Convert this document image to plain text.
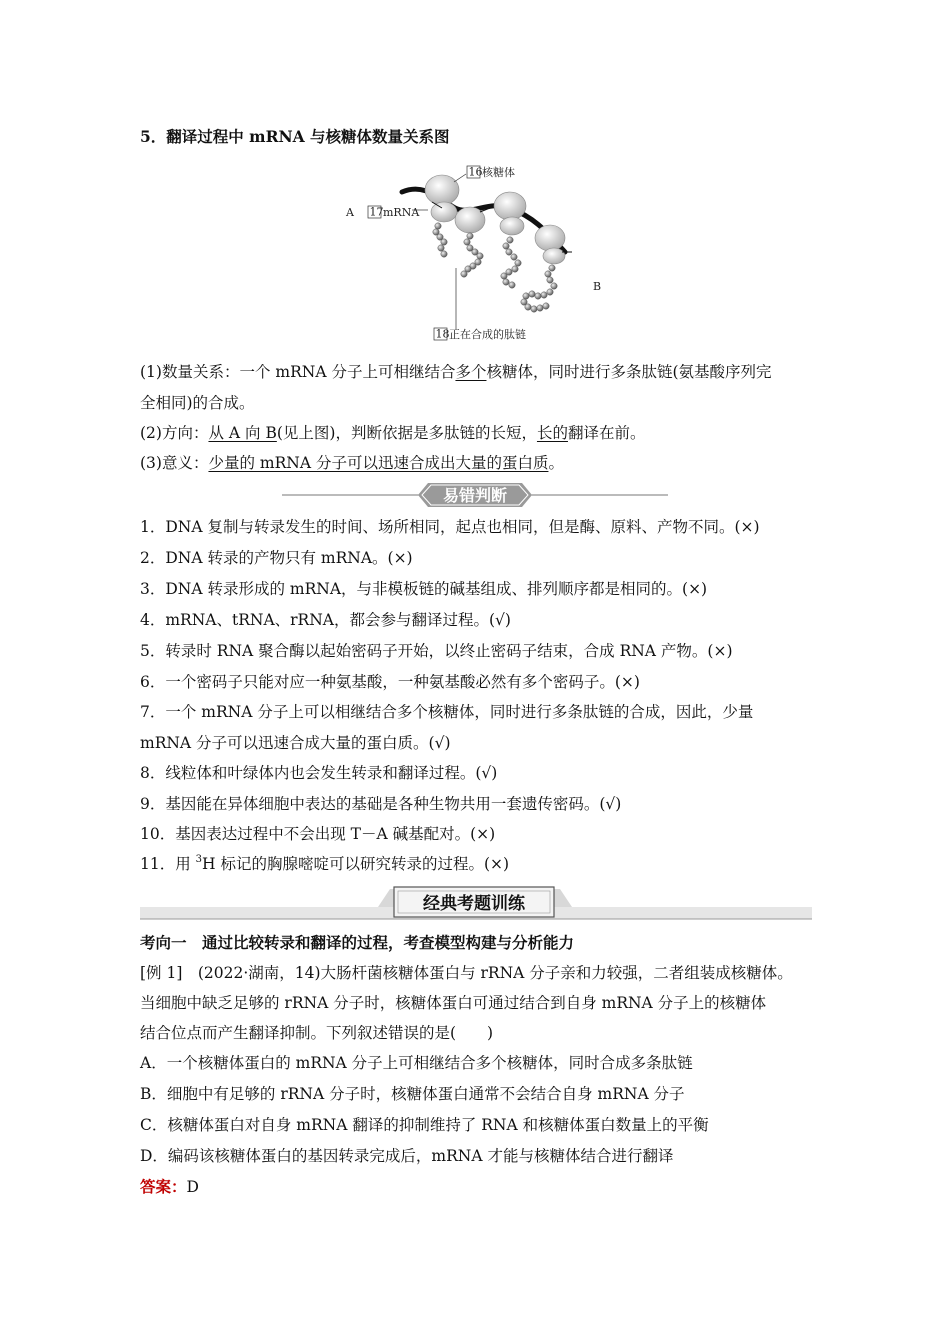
5．翻译过程中 mRNA 与核糖体数量关系图
16 核糖体
A 17 mRNA
B
18 正在合成的肽链
(1)数量关系：一个 mRNA 分子上可相继结合多个核糖体，同时进行多条肽链(氨基酸序列完
全相同)的合成。
(2)方向：从 A 向 B(见上图)，判断依据是多肽链的长短，长的翻译在前。
(3)意义：少量的 mRNA 分子可以迅速合成出大量的蛋白质。
易错判断
1．DNA 复制与转录发生的时间、场所相同，起点也相同，但是酶、原料、产物不同。(×)
2．DNA 转录的产物只有 mRNA。(×)
3．DNA 转录形成的 mRNA，与非模板链的碱基组成、排列顺序都是相同的。(×)
4．mRNA、tRNA、rRNA，都会参与翻译过程。(√)
5．转录时 RNA 聚合酶以起始密码子开始，以终止密码子结束，合成 RNA 产物。(×)
6．一个密码子只能对应一种氨基酸，一种氨基酸必然有多个密码子。(×)
7．一个 mRNA 分子上可以相继结合多个核糖体，同时进行多条肽链的合成，因此，少量
mRNA 分子可以迅速合成大量的蛋白质。(√)
8．线粒体和叶绿体内也会发生转录和翻译过程。(√)
9．基因能在异体细胞中表达的基础是各种生物共用一套遗传密码。(√)
10．基因表达过程中不会出现 T－A 碱基配对。(×)
11．用 $^3$H 标记的胸腺嘧啶可以研究转录的过程。(×)
经典考题训练
考向一　通过比较转录和翻译的过程，考查模型构建与分析能力
[例 1]　(2022·湖南，14)大肠杆菌核糖体蛋白与 rRNA 分子亲和力较强，二者组装成核糖体。
当细胞中缺乏足够的 rRNA 分子时，核糖体蛋白可通过结合到自身 mRNA 分子上的核糖体
结合位点而产生翻译抑制。下列叙述错误的是(　　)
A．一个核糖体蛋白的 mRNA 分子上可相继结合多个核糖体，同时合成多条肽链
B．细胞中有足够的 rRNA 分子时，核糖体蛋白通常不会结合自身 mRNA 分子
C．核糖体蛋白对自身 mRNA 翻译的抑制维持了 RNA 和核糖体蛋白数量上的平衡
D．编码该核糖体蛋白的基因转录完成后，mRNA 才能与核糖体结合进行翻译
答案：D
